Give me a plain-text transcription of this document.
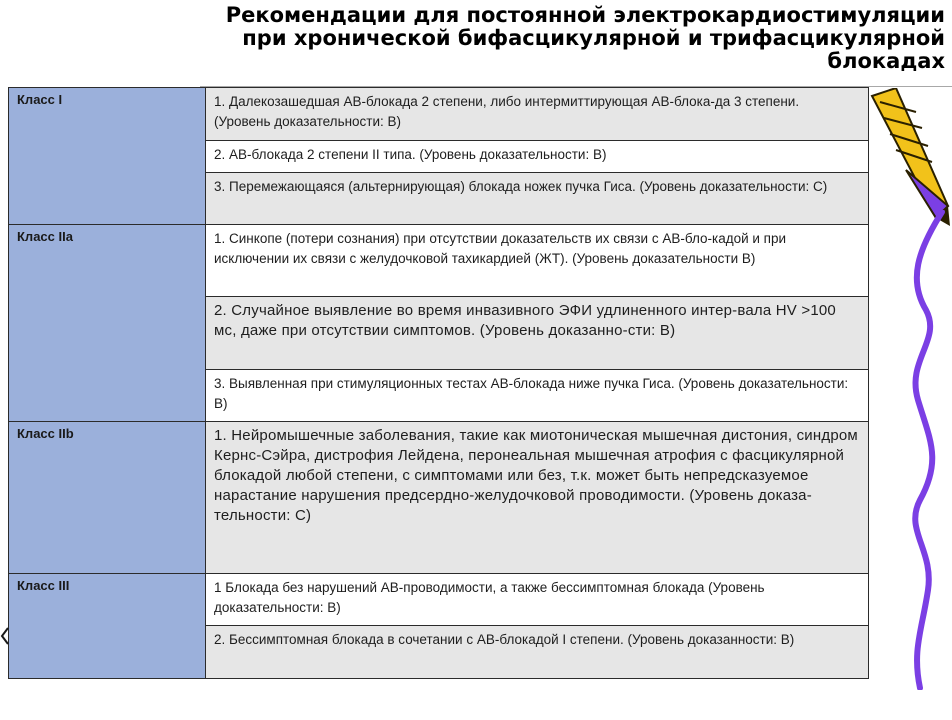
Рекомендации для постоянной электрокардиостимуляции
при хронической бифасцикулярной и трифасцикулярной
блокадах
Класс I	1. Далекозашедшая АВ-блокада 2 степени, либо интермиттирующая АВ-блока-да 3 степени. (Уровень доказательности: В)
	2. АВ-блокада 2 степени II типа. (Уровень доказательности: В)
	3. Перемежающаяся (альтернирующая) блокада ножек пучка Гиса. (Уровень доказательности: С)
Класс IIa	1. Синкопе (потери сознания) при отсутствии доказательств их связи с АВ-бло-кадой и при исключении их связи с желудочковой тахикардией (ЖТ). (Уровень доказательности В)
	2. Случайное выявление во время инвазивного ЭФИ удлиненного интер-вала HV >100 мс, даже при отсутствии симптомов. (Уровень доказанно-сти: В)
	3. Выявленная при стимуляционных тестах АВ-блокада ниже пучка Гиса. (Уровень доказательности: В)
Класс IIb	1. Нейромышечные заболевания, такие как миотоническая мышечная дистония, синдром Кернс-Сэйра, дистрофия Лейдена, перонеальная мышечная атрофия с фасцикулярной блокадой любой степени, с симптомами или без, т.к. может быть непредсказуемое нарастание нарушения предсердно-желудочковой проводимости. (Уровень доказа-тельности: С)
Класс III	1 Блокада без нарушений АВ-проводимости, а также бессимптомная блокада (Уровень доказательности: В)
	2. Бессимптомная блокада в сочетании с АВ-блокадой I степени. (Уровень доказанности: В)
